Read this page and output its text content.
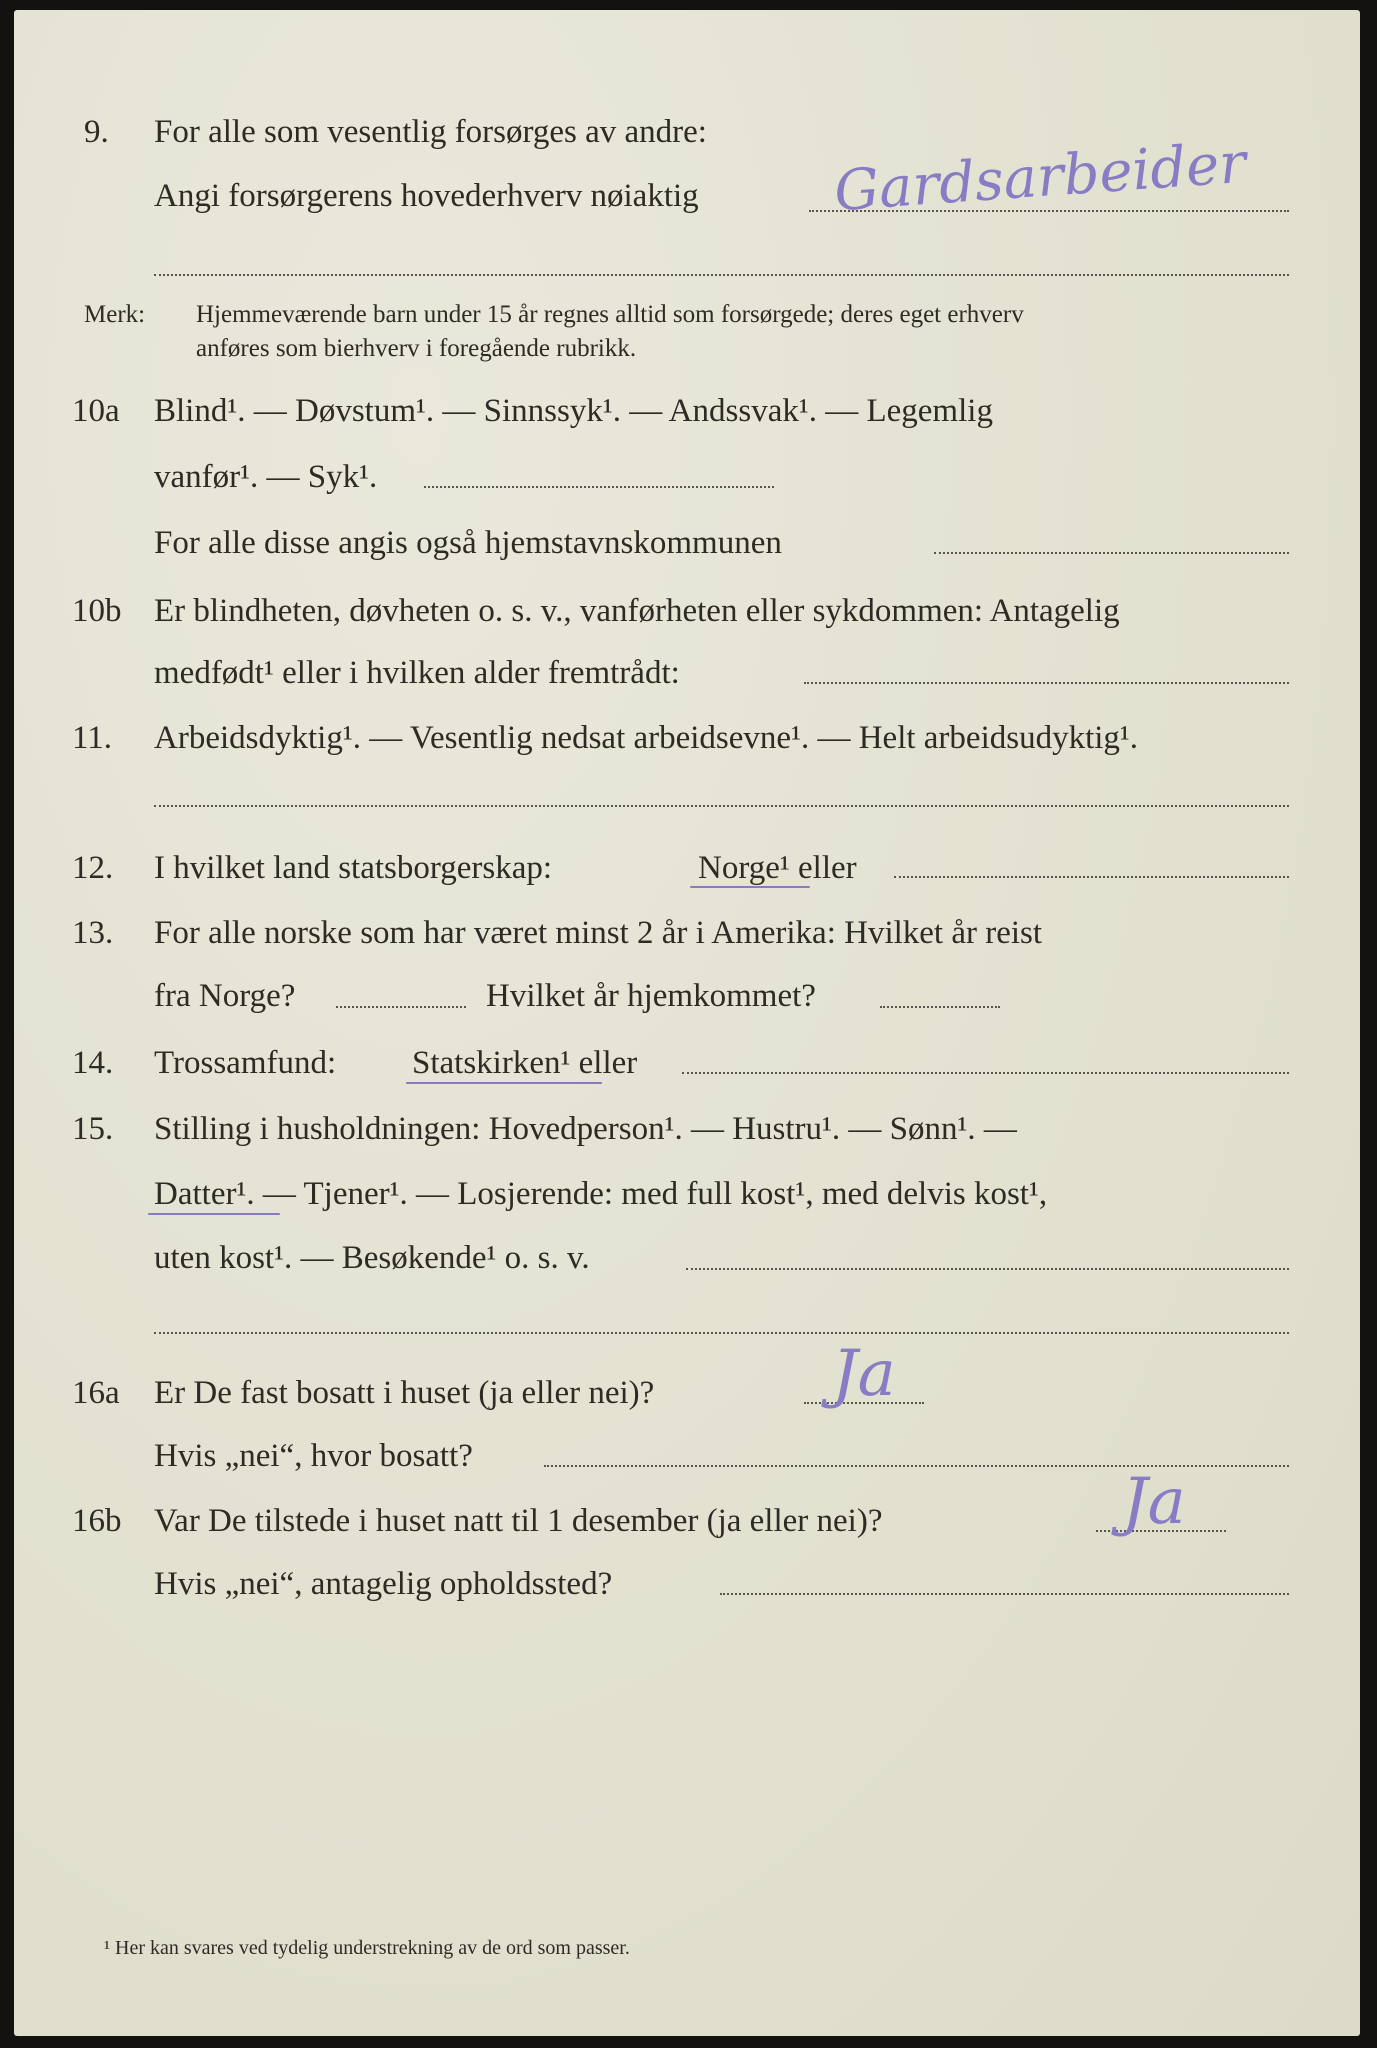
9. For alle som vesentlig forsørges av andre:
Angi forsørgerens hovederhverv nøiaktig Gardsarbeider
Merk: Hjemmeværende barn under 15 år regnes alltid som forsørgede; deres eget erhverv
anføres som bierhverv i foregående rubrikk.
10a Blind¹. — Døvstum¹. — Sinnssyk¹. — Andssvak¹. — Legemlig
vanfør¹. — Syk¹.
For alle disse angis også hjemstavnskommunen
10b Er blindheten, døvheten o. s. v., vanførheten eller sykdommen: Antagelig
medfødt¹ eller i hvilken alder fremtrådt:
11. Arbeidsdyktig¹. — Vesentlig nedsat arbeidsevne¹. — Helt arbeidsudyktig¹.
12. I hvilket land statsborgerskap:	Norge¹ eller
13. For alle norske som har været minst 2 år i Amerika: Hvilket år reist
fra Norge?	Hvilket år hjemkommet?
14. Trossamfund: Statskirken¹ eller
15. Stilling i husholdningen: Hovedperson¹. — Hustru¹. — Sønn¹. —
Datter¹. — Tjener¹. — Losjerende: med full kost¹, med delvis kost¹,
uten kost¹. — Besøkende¹ o. s. v.
16a Er De fast bosatt i huset (ja eller nei)?	Ja
Hvis „nei“, hvor bosatt?
16b Var De tilstede i huset natt til 1 desember (ja eller nei)?	Ja
Hvis „nei“, antagelig opholdssted?
¹ Her kan svares ved tydelig understrekning av de ord som passer.
